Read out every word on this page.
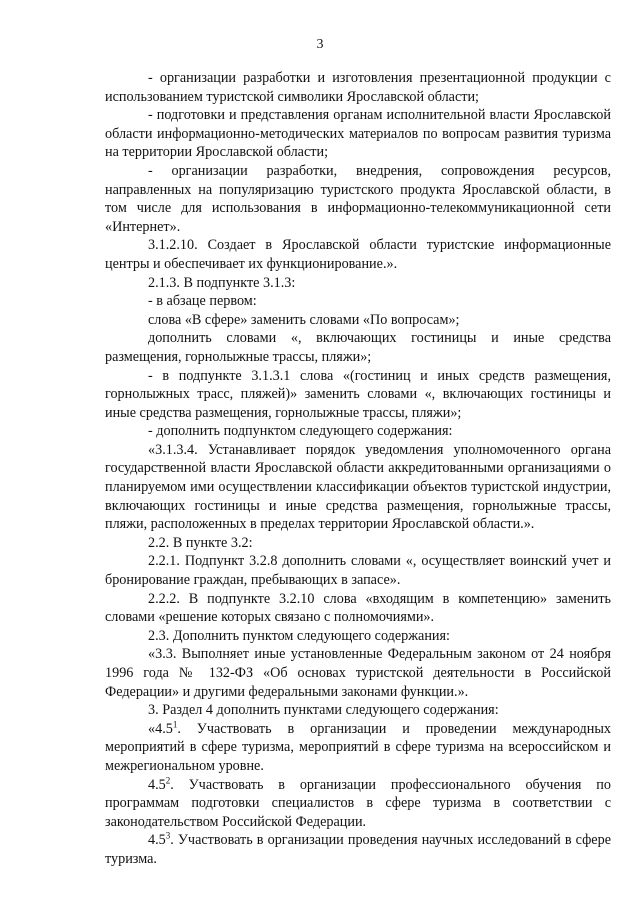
3

- организации разработки и изготовления презентационной продукции с использованием туристской символики Ярославской области;

- подготовки и представления органам исполнительной власти Ярославской области информационно-методических материалов по вопросам развития туризма на территории Ярославской области;

- организации разработки, внедрения, сопровождения ресурсов, направленных на популяризацию туристского продукта Ярославской области, в том числе для использования в информационно-телекоммуникационной сети «Интернет».

3.1.2.10. Создает в Ярославской области туристские информационные центры и обеспечивает их функционирование.».

2.1.3. В подпункте 3.1.3:

- в абзаце первом:

слова «В сфере» заменить словами «По вопросам»;

дополнить словами «, включающих гостиницы и иные средства размещения, горнолыжные трассы, пляжи»;

- в подпункте 3.1.3.1 слова «(гостиниц и иных средств размещения, горнолыжных трасс, пляжей)» заменить словами «, включающих гостиницы и иные средства размещения, горнолыжные трассы, пляжи»;

- дополнить подпунктом следующего содержания:

«3.1.3.4. Устанавливает порядок уведомления уполномоченного органа государственной власти Ярославской области аккредитованными организациями о планируемом ими осуществлении классификации объектов туристской индустрии, включающих гостиницы и иные средства размещения, горнолыжные трассы, пляжи, расположенных в пределах территории Ярославской области.».

2.2. В пункте 3.2:

2.2.1. Подпункт 3.2.8 дополнить словами «, осуществляет воинский учет и бронирование граждан, пребывающих в запасе».

2.2.2. В подпункте 3.2.10 слова «входящим в компетенцию» заменить словами «решение которых связано с полномочиями».

2.3. Дополнить пунктом следующего содержания:

«3.3. Выполняет иные установленные Федеральным законом от 24 ноября 1996 года № 132-ФЗ «Об основах туристской деятельности в Российской Федерации» и другими федеральными законами функции.».

3. Раздел 4 дополнить пунктами следующего содержания:

«$4.5^1$. Участвовать в организации и проведении международных мероприятий в сфере туризма, мероприятий в сфере туризма на всероссийском и межрегиональном уровне.

$4.5^2$. Участвовать в организации профессионального обучения по программам подготовки специалистов в сфере туризма в соответствии с законодательством Российской Федерации.

$4.5^3$. Участвовать в организации проведения научных исследований в сфере туризма.
